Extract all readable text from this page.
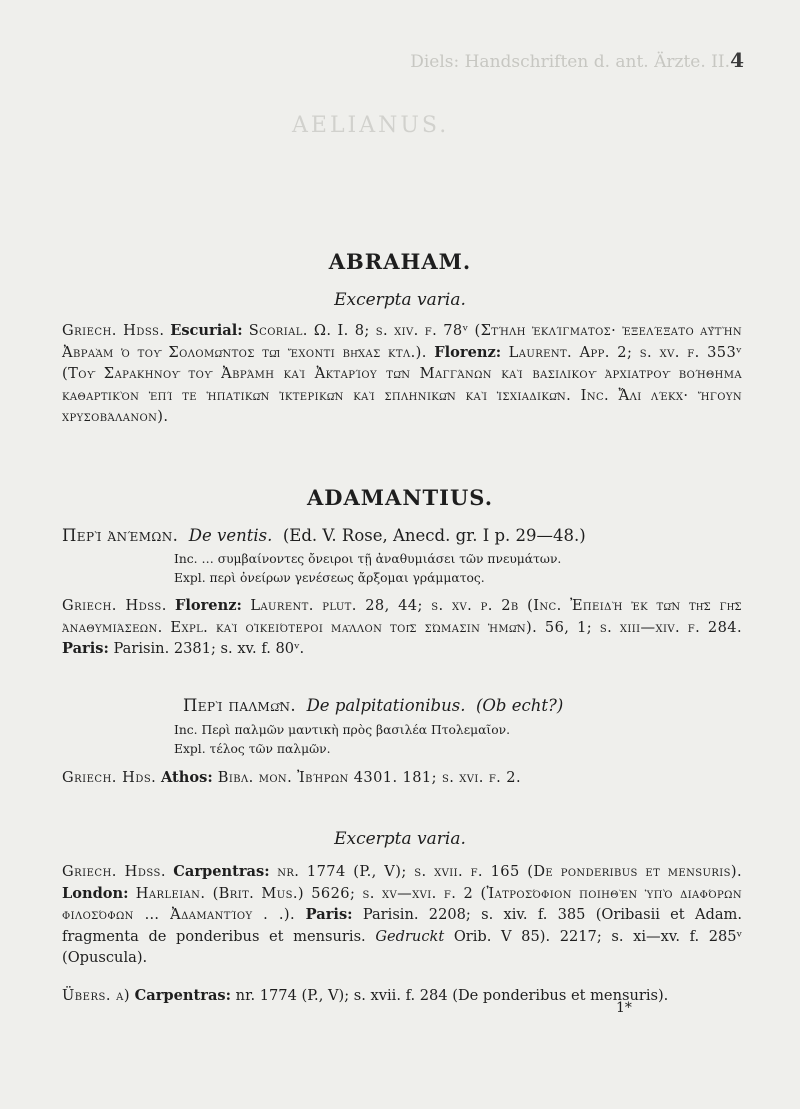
AELIANUS.
Diels: Handschriften d. ant. Ärzte. II. 4
ABRAHAM.
Excerpta varia.
Griech. Hdss. Escurial: Scorial. Ω. I. 8; s. xiv. f. 78ᵛ (Στήλη ἐκλίγματος· ἐξελέξατο αὐτὴν Ἀβραὰμ ὁ τοῦ Σολομῶντος τῷ ἔχοντι βῆχας κτλ.). Florenz: Laurent. App. 2; s. xv. f. 353ᵛ (Τοῦ Σαρακηνοῦ τοῦ Ἀβράμη καὶ Ἀκταρίου τῶν Μαγγάνων καὶ βασιλικοῦ ἀρχιατροῦ βοήθημα καθαρτικὸν ἐπί τε ἡπατικῶν ἰκτερικῶν καὶ σπληνικῶν καὶ ἰσχιαδικῶν. Inc. Ἄλι λέκχ· ἤγουν χρυσοβάλανον).
ADAMANTIUS.
Περὶ ἀνέμων. De ventis. (Ed. V. Rose, Anecd. gr. I p. 29—48.)
Inc. … συμβαίνοντες ὄνειροι τῇ ἀναθυμιάσει τῶν πνευμάτων.
Expl. περὶ ὀνείρων γενέσεως ἄρξομαι γράμματος.
Griech. Hdss. Florenz: Laurent. plut. 28, 44; s. xv. p. 2b (Inc. Ἐπειδὴ ἐκ τῶν τῆς γῆς ἀναθυμιάσεων. Expl. καὶ οἰκειότεροι μᾶλλον τοῖς σώμασιν ἡμῶν). 56, 1; s. xiii—xiv. f. 284. Paris: Parisin. 2381; s. xv. f. 80ᵛ.
Περὶ παλμῶν. De palpitationibus. (Ob echt?)
Inc. Περὶ παλμῶν μαντικὴ πρὸς βασιλέα Πτολεμαῖον.
Expl. τέλος τῶν παλμῶν.
Griech. Hds. Athos: Βιβλ. μον. Ἰβήρων 4301. 181; s. xvi. f. 2.
Excerpta varia.
Griech. Hdss. Carpentras: nr. 1774 (P., V); s. xvii. f. 165 (De ponderibus et mensuris). London: Harleian. (Brit. Mus.) 5626; s. xv—xvi. f. 2 (Ἰατροσόφιον ποιηθὲν ὑπὸ διαφόρων φιλοσόφων … Ἀδαμαντίου . .). Paris: Parisin. 2208; s. xiv. f. 385 (Oribasii et Adam. fragmenta de ponderibus et mensuris. Gedruckt Orib. V 85). 2217; s. xi—xv. f. 285ᵛ (Opuscula).
Übers. a) Carpentras: nr. 1774 (P., V); s. xvii. f. 284 (De ponderibus et mensuris).
1*
